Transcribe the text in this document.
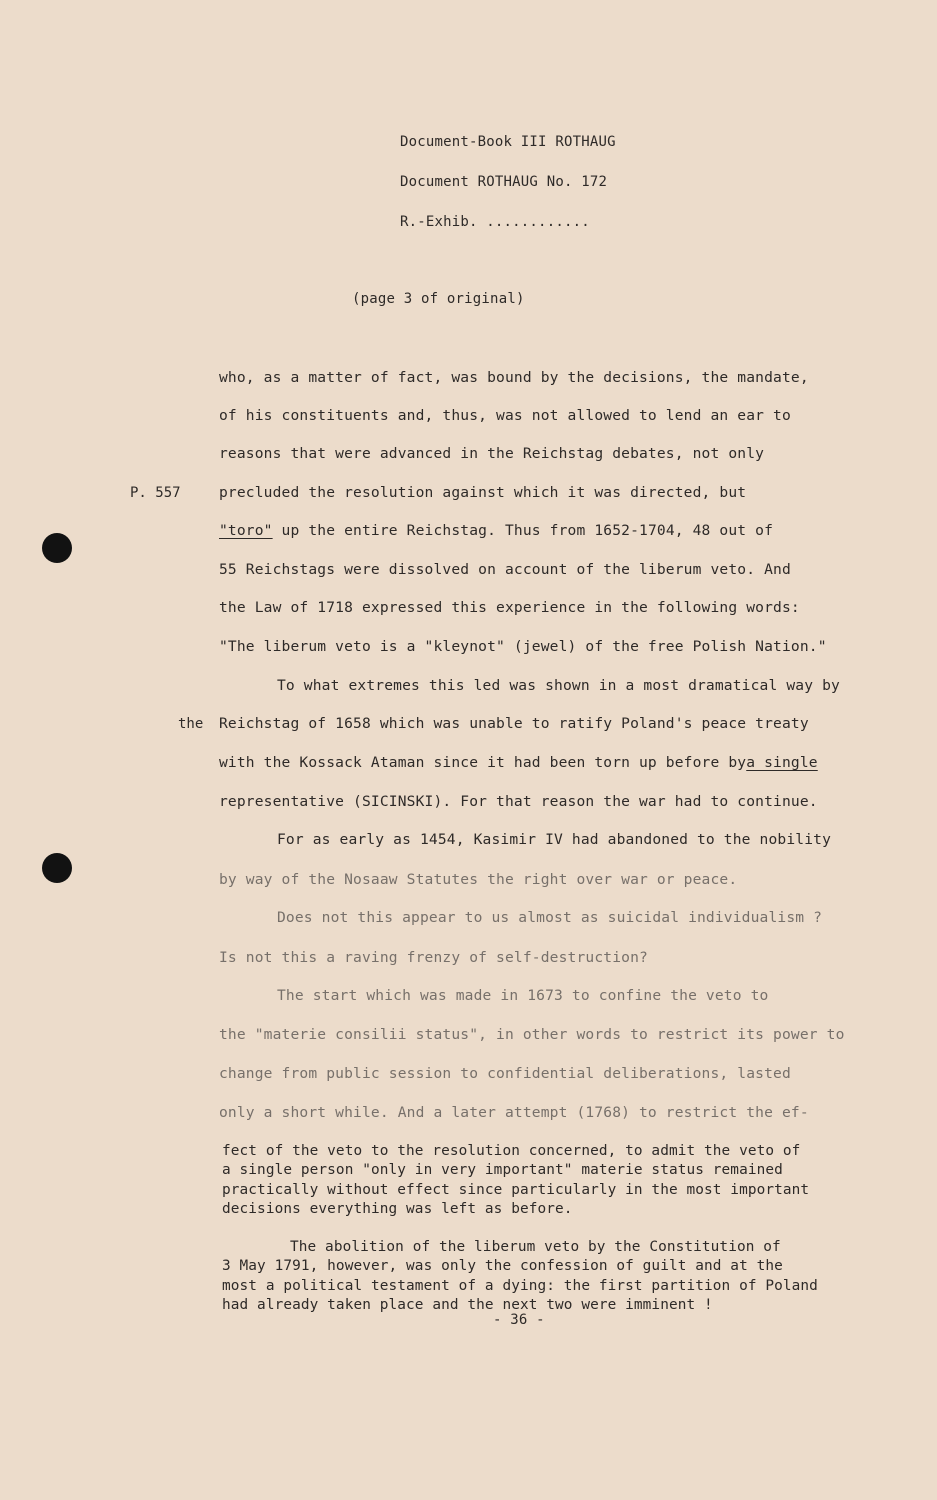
Document-Book III ROTHAUG
Document ROTHAUG No. 172
R.-Exhib. ............
(page 3 of original)
P. 557
the
who, as a matter of fact, was bound by the decisions, the mandate,
of his constituents and, thus, was not allowed to lend an ear to
reasons that were advanced in the Reichstag debates, not only
precluded the resolution against which it was directed, but
"toro" up the entire Reichstag. Thus from 1652-1704, 48 out of
55 Reichstags were dissolved on account of the liberum veto. And
the Law of 1718 expressed this experience in the following words:
"The liberum veto is a "kleynot" (jewel) of the free Polish Nation."
To what extremes this led was shown in a most dramatical way by
Reichstag of 1658 which was unable to ratify Poland's peace treaty
with the Kossack Ataman since it had been torn up before bya single
representative (SICINSKI). For that reason the war had to continue.
For as early as 1454, Kasimir IV had abandoned to the nobility
by way of the Nosaaw Statutes the right over war or peace.
Does not this appear to us almost as suicidal individualism ?
Is not this a raving frenzy of self-destruction?
The start which was made in 1673 to confine the veto to
the "materie consilii status", in other words to restrict its power to
change from public session to confidential deliberations, lasted
only a short while. And a later attempt (1768) to restrict the ef-
fect of the veto to the resolution concerned, to admit the veto of
a single person "only in very important" materie status remained
practically without effect since particularly in the most important
decisions everything was left as before.
The abolition of the liberum veto by the Constitution of
3 May 1791, however, was only the confession of guilt and at the
most a political testament of a dying: the first partition of Poland
had already taken place and the next two were imminent !
- 36 -
